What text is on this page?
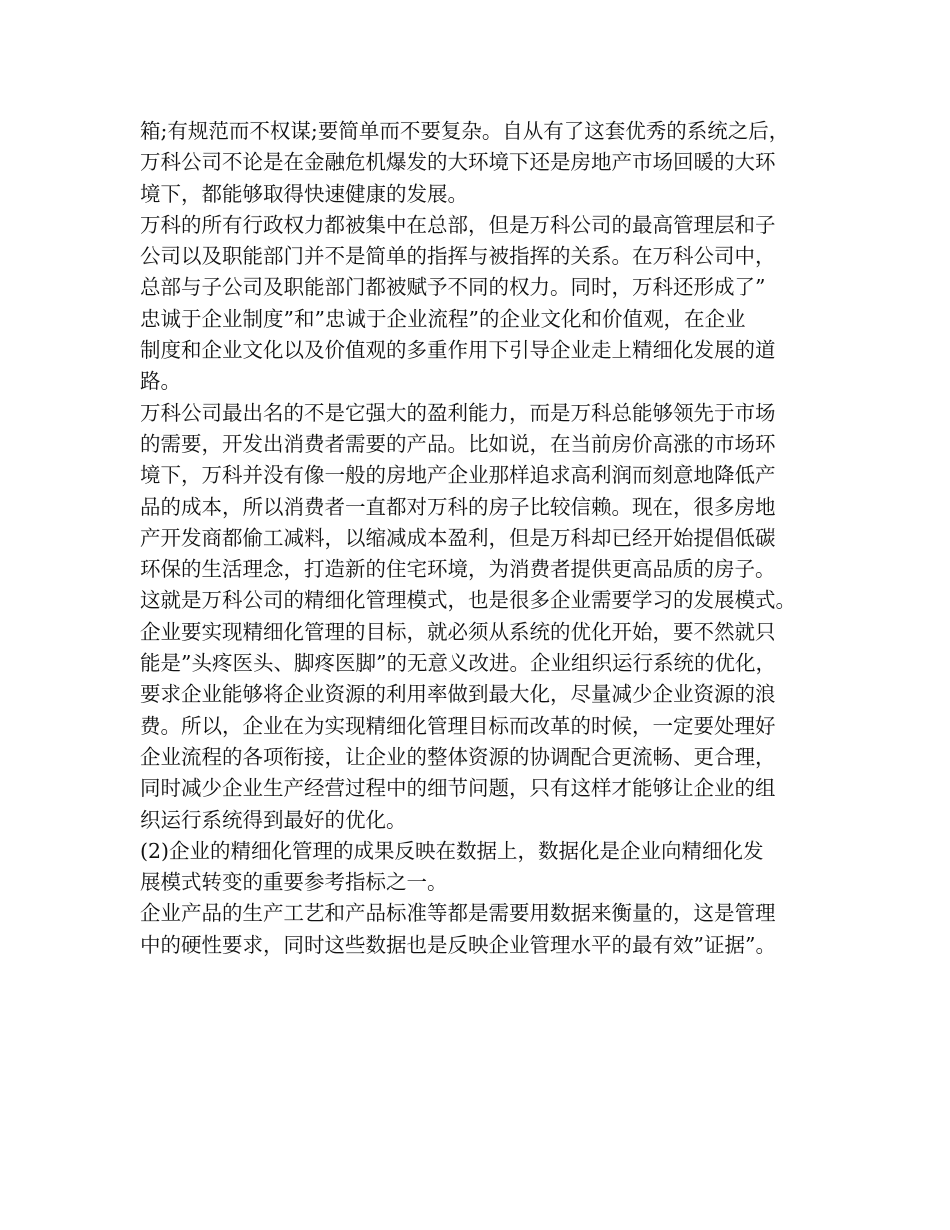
箱;有规范而不权谋;要简单而不要复杂。自从有了这套优秀的系统之后，
万科公司不论是在金融危机爆发的大环境下还是房地产市场回暖的大环
境下，都能够取得快速健康的发展。
万科的所有行政权力都被集中在总部，但是万科公司的最高管理层和子
公司以及职能部门并不是简单的指挥与被指挥的关系。在万科公司中，
总部与子公司及职能部门都被赋予不同的权力。同时，万科还形成了”
忠诚于企业制度”和”忠诚于企业流程”的企业文化和价值观，在企业
制度和企业文化以及价值观的多重作用下引导企业走上精细化发展的道
路。
万科公司最出名的不是它强大的盈利能力，而是万科总能够领先于市场
的需要，开发出消费者需要的产品。比如说，在当前房价高涨的市场环
境下，万科并没有像一般的房地产企业那样追求高利润而刻意地降低产
品的成本，所以消费者一直都对万科的房子比较信赖。现在，很多房地
产开发商都偷工减料，以缩减成本盈利，但是万科却已经开始提倡低碳
环保的生活理念，打造新的住宅环境，为消费者提供更高品质的房子。
这就是万科公司的精细化管理模式，也是很多企业需要学习的发展模式。
企业要实现精细化管理的目标，就必须从系统的优化开始，要不然就只
能是”头疼医头、脚疼医脚”的无意义改进。企业组织运行系统的优化，
要求企业能够将企业资源的利用率做到最大化，尽量减少企业资源的浪
费。所以，企业在为实现精细化管理目标而改革的时候，一定要处理好
企业流程的各项衔接，让企业的整体资源的协调配合更流畅、更合理，
同时减少企业生产经营过程中的细节问题，只有这样才能够让企业的组
织运行系统得到最好的优化。
(2)企业的精细化管理的成果反映在数据上，数据化是企业向精细化发
展模式转变的重要参考指标之一。
企业产品的生产工艺和产品标准等都是需要用数据来衡量的，这是管理
中的硬性要求，同时这些数据也是反映企业管理水平的最有效”证据”。
